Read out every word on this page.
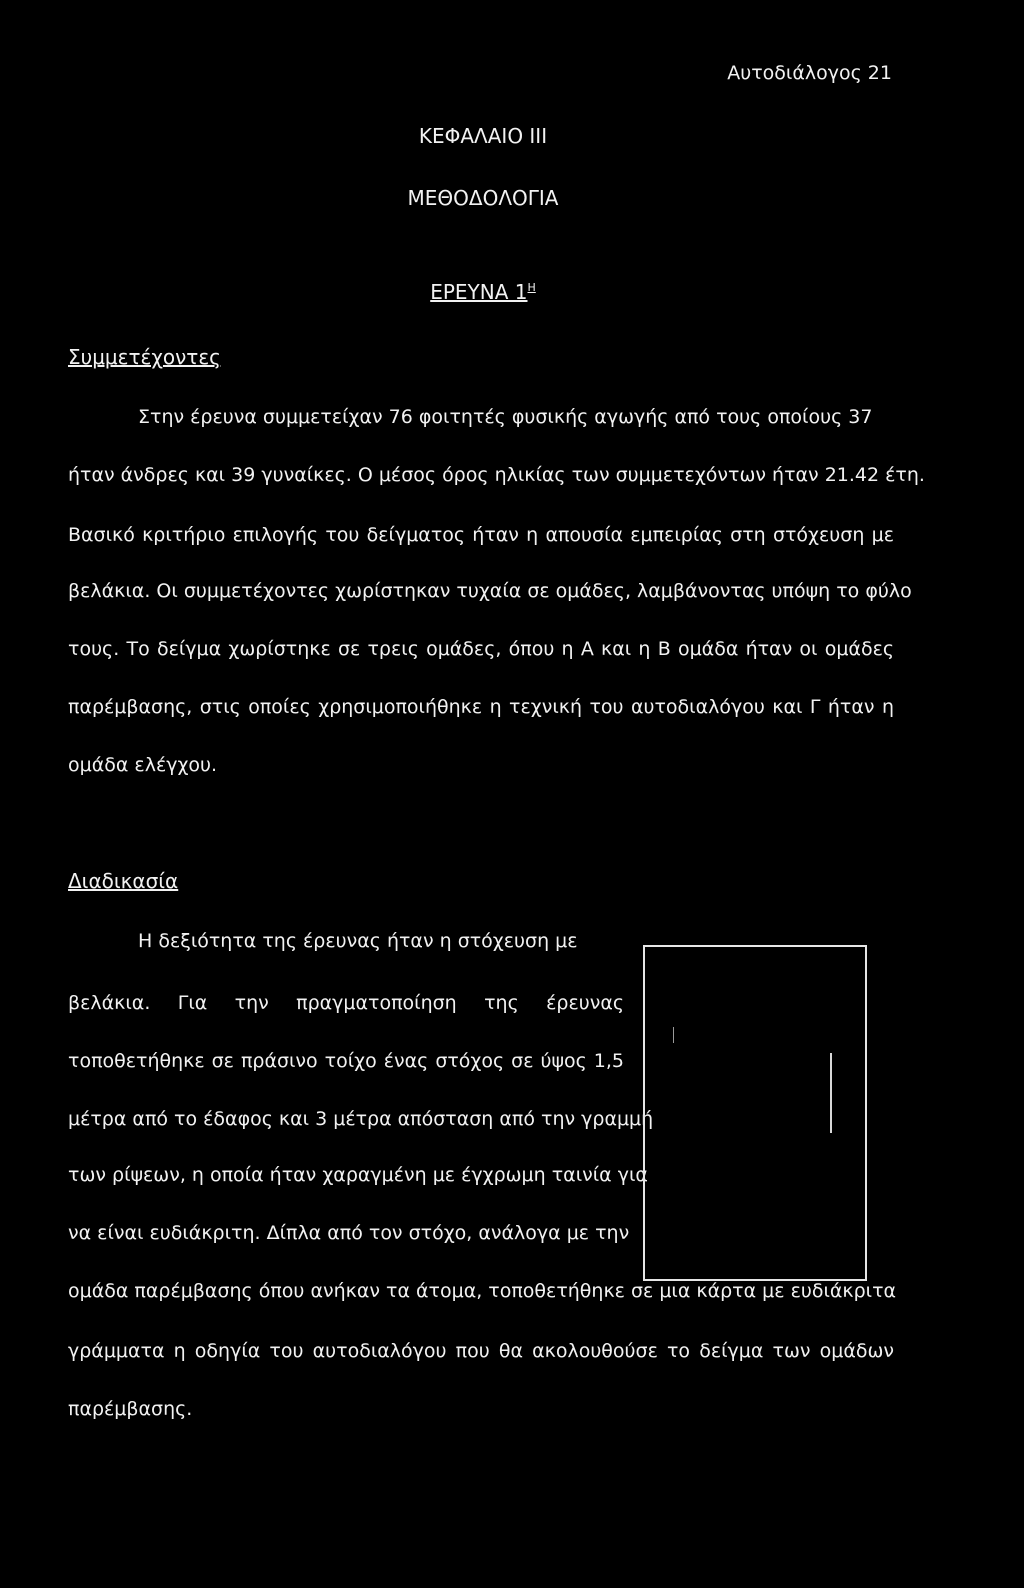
Αυτοδιάλογος 21
ΚΕΦΑΛΑΙΟ III
ΜΕΘΟΔΟΛΟΓΙΑ
ΕΡΕΥΝΑ $1^H$
Συμμετέχοντες
Στην έρευνα συμμετείχαν 76 φοιτητές φυσικής αγωγής από τους οποίους 37
ήταν άνδρες και 39 γυναίκες. Ο μέσος όρος ηλικίας των συμμετεχόντων ήταν 21.42 έτη.
Βασικό κριτήριο επιλογής του δείγματος ήταν η απουσία εμπειρίας στη στόχευση με
βελάκια. Οι συμμετέχοντες χωρίστηκαν τυχαία σε ομάδες, λαμβάνοντας υπόψη το φύλο
τους. Το δείγμα χωρίστηκε σε τρεις ομάδες, όπου η Α και η Β ομάδα ήταν οι ομάδες
παρέμβασης, στις οποίες χρησιμοποιήθηκε η τεχνική του αυτοδιαλόγου και Γ ήταν η
ομάδα ελέγχου.
Διαδικασία
Η δεξιότητα της έρευνας ήταν η στόχευση με
βελάκια. Για την πραγματοποίηση της έρευνας
τοποθετήθηκε σε πράσινο τοίχο ένας στόχος σε ύψος 1,5
μέτρα από το έδαφος και 3 μέτρα απόσταση από την γραμμή
των ρίψεων, η οποία ήταν χαραγμένη με έγχρωμη ταινία για
να είναι ευδιάκριτη. Δίπλα από τον στόχο, ανάλογα με την
ομάδα παρέμβασης όπου ανήκαν τα άτομα, τοποθετήθηκε σε μια κάρτα με ευδιάκριτα
γράμματα η οδηγία του αυτοδιαλόγου που θα ακολουθούσε το δείγμα των ομάδων
παρέμβασης.
